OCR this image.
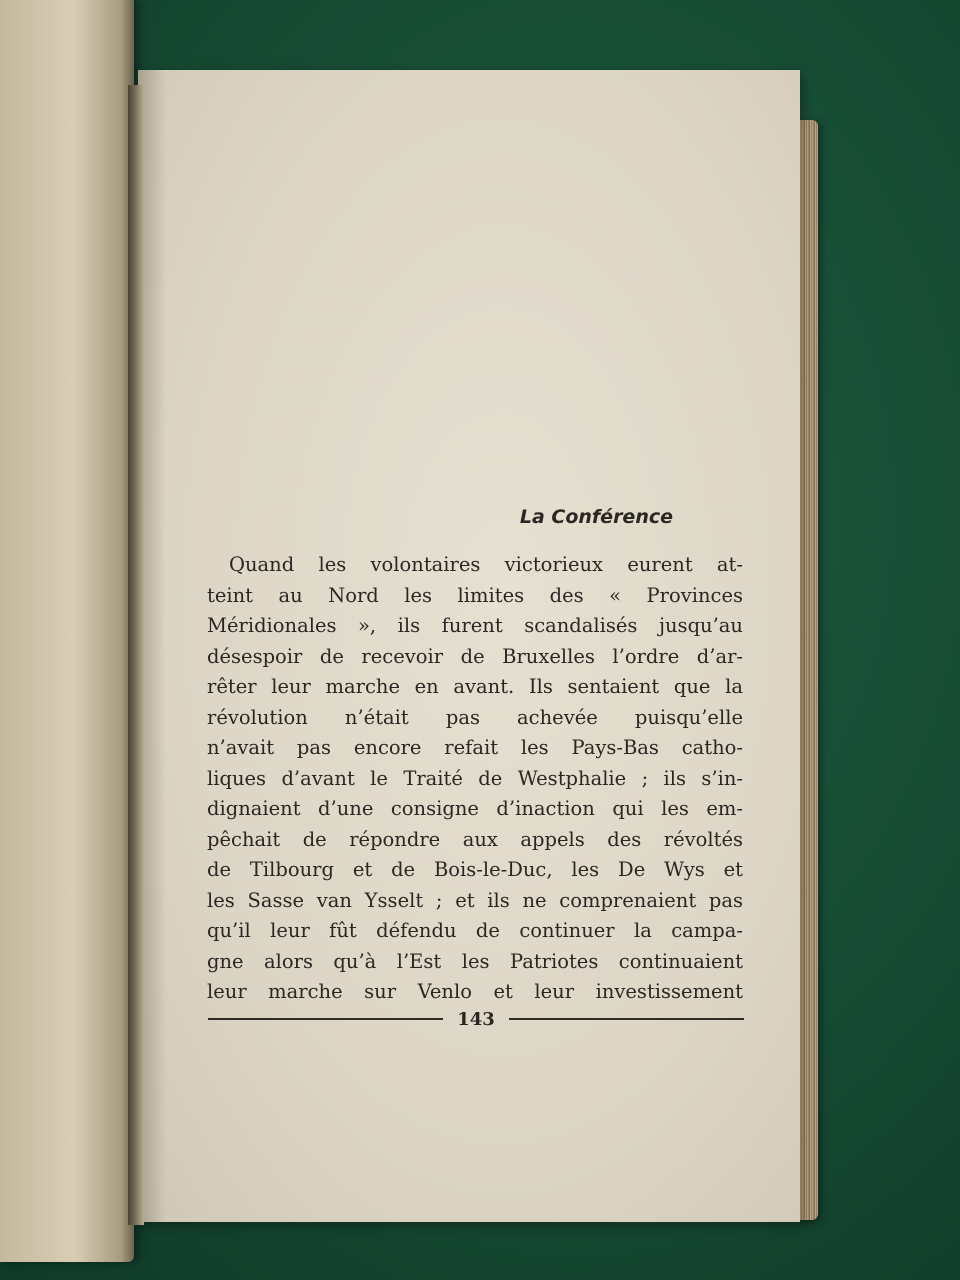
La Conférence
Quand les volontaires victorieux eurent at-
teint au Nord les limites des « Provinces
Méridionales », ils furent scandalisés jusqu’au
désespoir de recevoir de Bruxelles l’ordre d’ar-
rêter leur marche en avant. Ils sentaient que la
révolution n’était pas achevée puisqu’elle
n’avait pas encore refait les Pays-Bas catho-
liques d’avant le Traité de Westphalie ; ils s’in-
dignaient d’une consigne d’inaction qui les em-
pêchait de répondre aux appels des révoltés
de Tilbourg et de Bois-le-Duc, les De Wys et
les Sasse van Ysselt ; et ils ne comprenaient pas
qu’il leur fût défendu de continuer la campa-
gne alors qu’à l’Est les Patriotes continuaient
leur marche sur Venlo et leur investissement
143
